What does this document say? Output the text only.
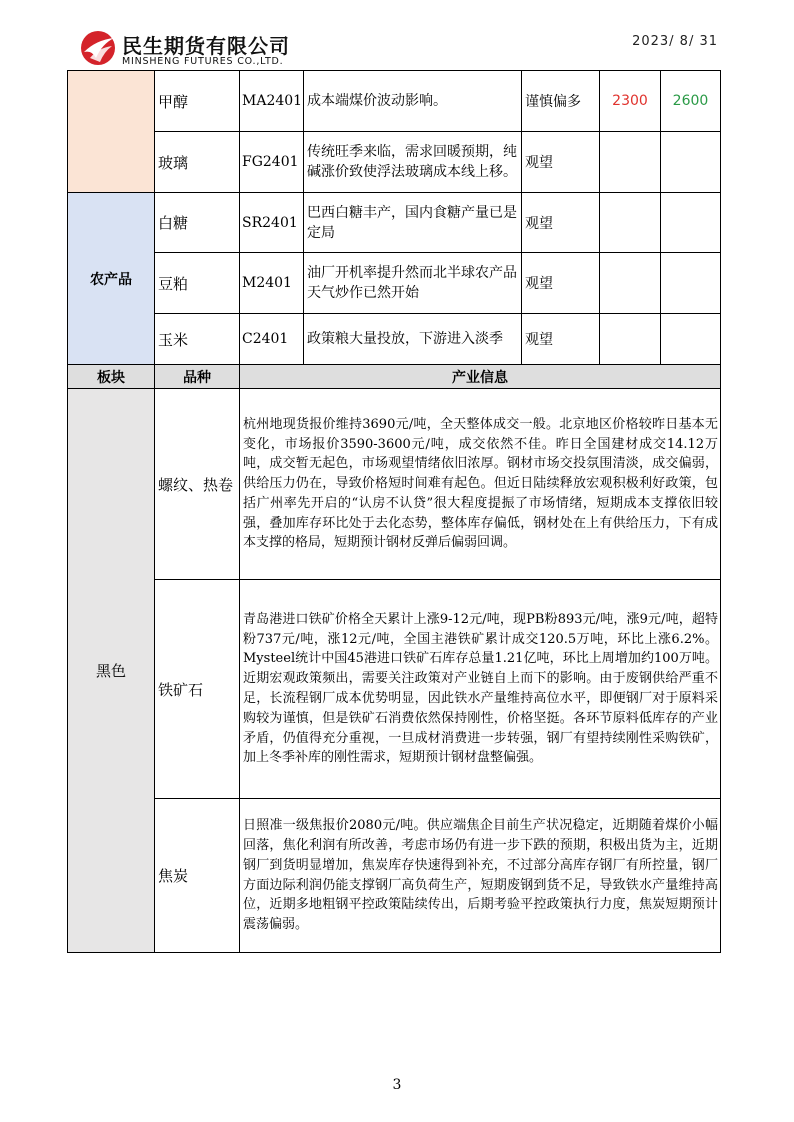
民生期货有限公司
MINSHENG FUTURES CO.,LTD.
2023/ 8/ 31
	甲醇	MA2401	成本端煤价波动影响。	谨慎偏多	2300	2600
	玻璃	FG2401	传统旺季来临，需求回暖预期，纯碱涨价致使浮法玻璃成本线上移。	观望		
农产品	白糖	SR2401	巴西白糖丰产，国内食糖产量已是定局	观望		
	豆粕	M2401	油厂开机率提升然而北半球农产品天气炒作已然开始	观望		
	玉米	C2401	政策粮大量投放，下游进入淡季	观望		
板块	品种	产业信息				
黑色	螺纹、热卷	杭州地现货报价维持3690元/吨，全天整体成交一般。北京地区价格较昨日基本无变化，市场报价3590-3600元/吨，成交依然不佳。昨日全国建材成交14.12万吨，成交暂无起色，市场观望情绪依旧浓厚。钢材市场交投氛围清淡，成交偏弱，供给压力仍在，导致价格短时间难有起色。但近日陆续释放宏观积极利好政策，包括广州率先开启的“认房不认贷”很大程度提振了市场情绪，短期成本支撑依旧较强，叠加库存环比处于去化态势，整体库存偏低，钢材处在上有供给压力，下有成本支撑的格局，短期预计钢材反弹后偏弱回调。				
	铁矿石	青岛港进口铁矿价格全天累计上涨9-12元/吨，现PB粉893元/吨，涨9元/吨，超特粉737元/吨，涨12元/吨，全国主港铁矿累计成交120.5万吨，环比上涨6.2%。Mysteel统计中国45港进口铁矿石库存总量1.21亿吨，环比上周增加约100万吨。近期宏观政策频出，需要关注政策对产业链自上而下的影响。由于废钢供给严重不足，长流程钢厂成本优势明显，因此铁水产量维持高位水平，即便钢厂对于原料采购较为谨慎，但是铁矿石消费依然保持刚性，价格坚挺。各环节原料低库存的产业矛盾，仍值得充分重视，一旦成材消费进一步转强，钢厂有望持续刚性采购铁矿，加上冬季补库的刚性需求，短期预计钢材盘整偏强。				
	焦炭	日照准一级焦报价2080元/吨。供应端焦企目前生产状况稳定，近期随着煤价小幅回落，焦化利润有所改善，考虑市场仍有进一步下跌的预期，积极出货为主，近期钢厂到货明显增加，焦炭库存快速得到补充，不过部分高库存钢厂有所控量，钢厂方面边际利润仍能支撑钢厂高负荷生产，短期废钢到货不足，导致铁水产量维持高位，近期多地粗钢平控政策陆续传出，后期考验平控政策执行力度，焦炭短期预计震荡偏弱。				
3
